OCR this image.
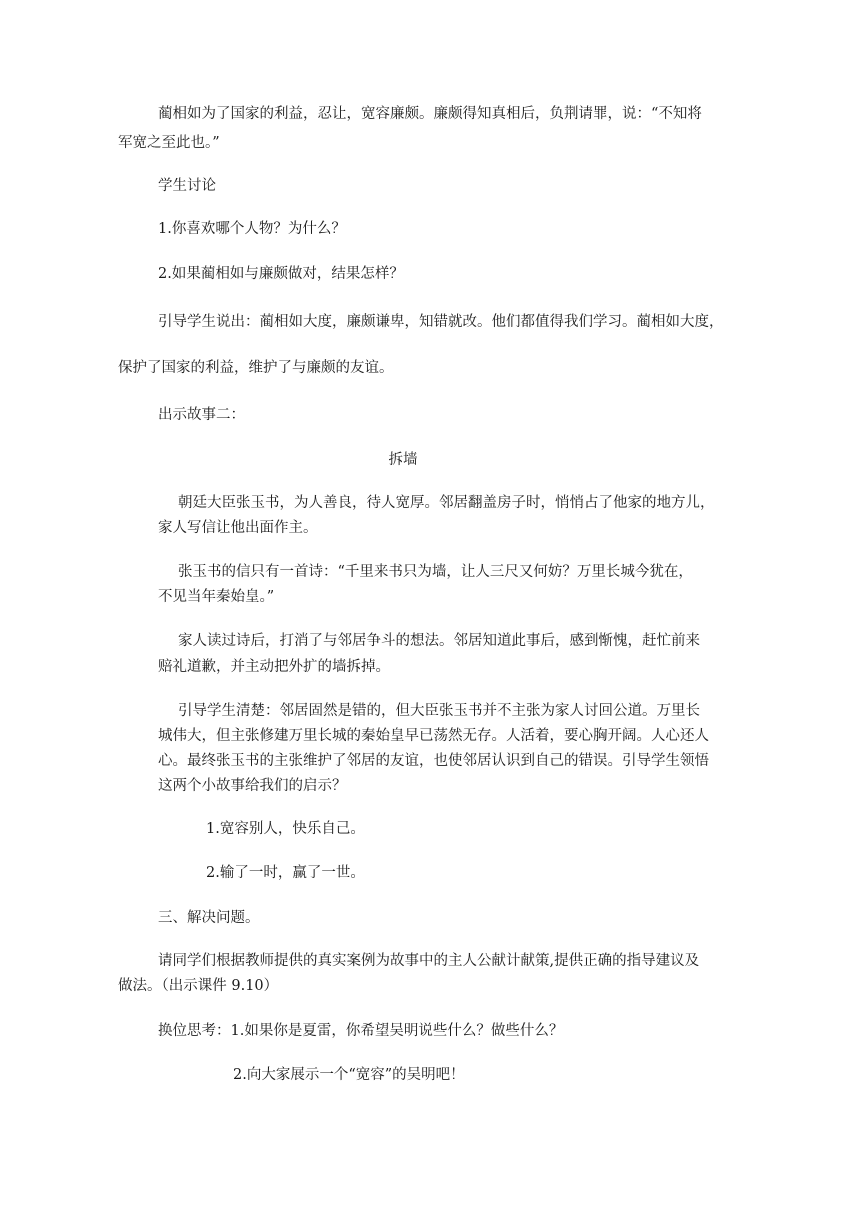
蔺相如为了国家的利益，忍让，宽容廉颇。廉颇得知真相后，负荆请罪，说：“不知将
军宽之至此也。”
学生讨论
1.你喜欢哪个人物？为什么？
2.如果蔺相如与廉颇做对，结果怎样？
引导学生说出：蔺相如大度，廉颇谦卑，知错就改。他们都值得我们学习。蔺相如大度，
保护了国家的利益，维护了与廉颇的友谊。
出示故事二：
拆墙
朝廷大臣张玉书，为人善良，待人宽厚。邻居翻盖房子时，悄悄占了他家的地方儿，
家人写信让他出面作主。
张玉书的信只有一首诗：“千里来书只为墙，让人三尺又何妨？万里长城今犹在，
不见当年秦始皇。”
家人读过诗后，打消了与邻居争斗的想法。邻居知道此事后，感到惭愧，赶忙前来
赔礼道歉，并主动把外扩的墙拆掉。
引导学生清楚：邻居固然是错的，但大臣张玉书并不主张为家人讨回公道。万里长
城伟大，但主张修建万里长城的秦始皇早已荡然无存。人活着，要心胸开阔。人心还人
心。最终张玉书的主张维护了邻居的友谊，也使邻居认识到自己的错误。引导学生领悟
这两个小故事给我们的启示？
1.宽容别人，快乐自己。
2.输了一时，赢了一世。
三、解决问题。
请同学们根据教师提供的真实案例为故事中的主人公献计献策,提供正确的指导建议及
做法。（出示课件 9.10）
换位思考：1.如果你是夏雷，你希望吴明说些什么？做些什么？
2.向大家展示一个“宽容”的吴明吧！
